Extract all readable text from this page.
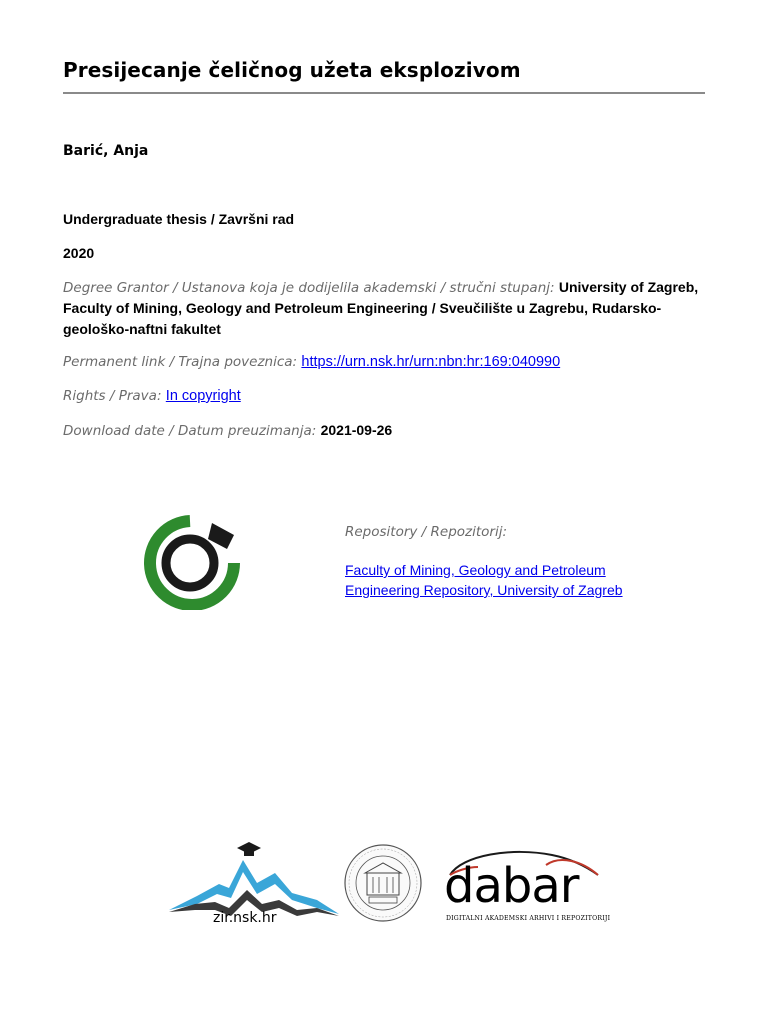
Presijecanje čeličnog užeta eksplozivom
Barić, Anja
Undergraduate thesis / Završni rad
2020
Degree Grantor / Ustanova koja je dodijelila akademski / stručni stupanj: University of Zagreb, Faculty of Mining, Geology and Petroleum Engineering / Sveučilište u Zagrebu, Rudarsko-geološko-naftni fakultet
Permanent link / Trajna poveznica: https://urn.nsk.hr/urn:nbn:hr:169:040990
Rights / Prava: In copyright
Download date / Datum preuzimanja: 2021-09-26
Repository / Repozitorij:
Faculty of Mining, Geology and Petroleum
Engineering Repository, University of Zagreb
zir.nsk.hr
dabar
DIGITALNI AKADEMSKI ARHIVI I REPOZITORIJI
